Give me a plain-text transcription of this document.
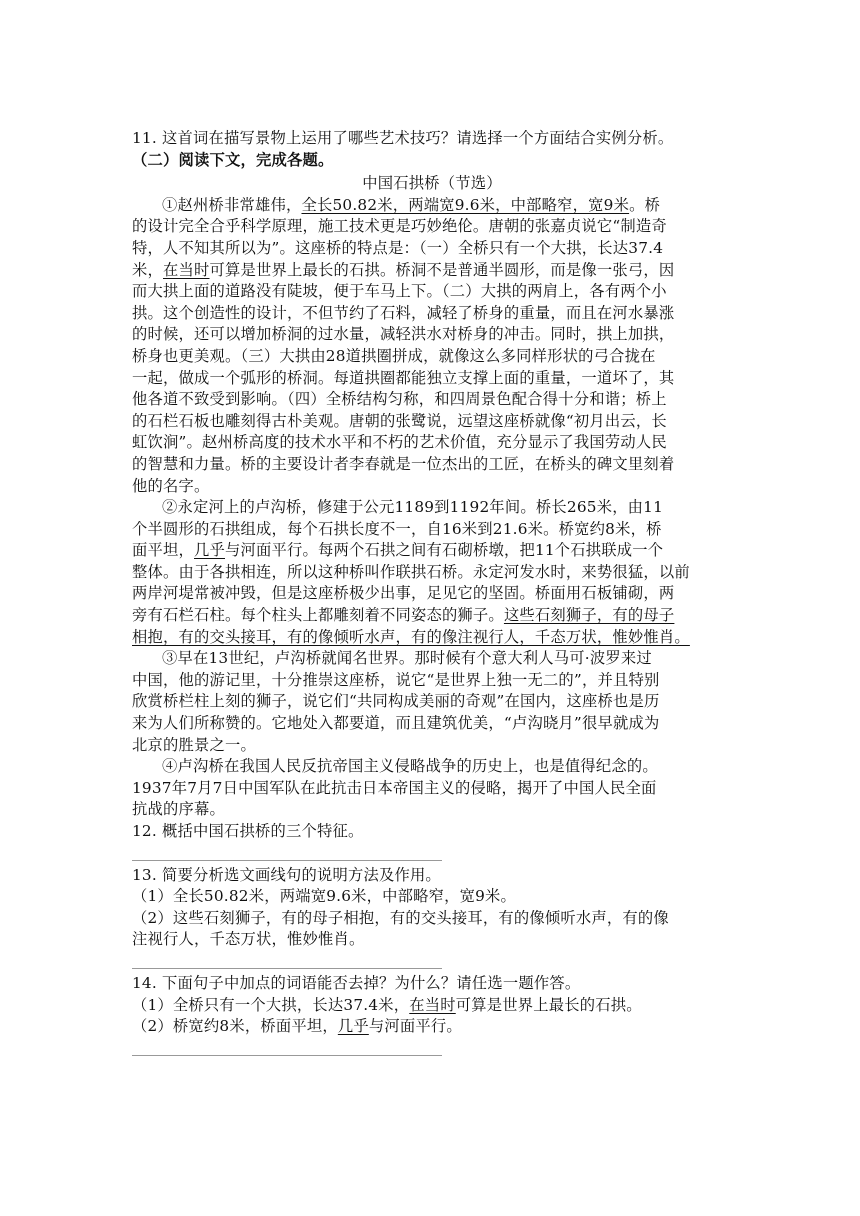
11. 这首词在描写景物上运用了哪些艺术技巧？请选择一个方面结合实例分析。
（二）阅读下文，完成各题。
中国石拱桥（节选）
①赵州桥非常雄伟，全长50.82米，两端宽9.6米，中部略窄，宽9米。桥
的设计完全合乎科学原理，施工技术更是巧妙绝伦。唐朝的张嘉贞说它“制造奇
特，人不知其所以为”。这座桥的特点是：（一）全桥只有一个大拱，长达37.4
米，在当时可算是世界上最长的石拱。桥洞不是普通半圆形，而是像一张弓，因
而大拱上面的道路没有陡坡，便于车马上下。（二）大拱的两肩上，各有两个小
拱。这个创造性的设计，不但节约了石料，减轻了桥身的重量，而且在河水暴涨
的时候，还可以增加桥洞的过水量，减轻洪水对桥身的冲击。同时，拱上加拱，
桥身也更美观。（三）大拱由28道拱圈拼成，就像这么多同样形状的弓合拢在
一起，做成一个弧形的桥洞。每道拱圈都能独立支撑上面的重量，一道坏了，其
他各道不致受到影响。（四）全桥结构匀称，和四周景色配合得十分和谐；桥上
的石栏石板也雕刻得古朴美观。唐朝的张鹭说，远望这座桥就像“初月出云，长
虹饮涧”。赵州桥高度的技术水平和不朽的艺术价值，充分显示了我国劳动人民
的智慧和力量。桥的主要设计者李春就是一位杰出的工匠，在桥头的碑文里刻着
他的名字。
②永定河上的卢沟桥，修建于公元1189到1192年间。桥长265米，由11
个半圆形的石拱组成，每个石拱长度不一，自16米到21.6米。桥宽约8米，桥
面平坦，几乎与河面平行。每两个石拱之间有石砌桥墩，把11个石拱联成一个
整体。由于各拱相连，所以这种桥叫作联拱石桥。永定河发水时，来势很猛，以前
两岸河堤常被冲毁，但是这座桥极少出事，足见它的坚固。桥面用石板铺砌，两
旁有石栏石柱。每个柱头上都雕刻着不同姿态的狮子。这些石刻狮子，有的母子
相抱，有的交头接耳，有的像倾听水声，有的像注视行人，千态万状，惟妙惟肖。
③早在13世纪，卢沟桥就闻名世界。那时候有个意大利人马可·波罗来过
中国，他的游记里，十分推崇这座桥，说它“是世界上独一无二的”，并且特别
欣赏桥栏柱上刻的狮子，说它们“共同构成美丽的奇观”在国内，这座桥也是历
来为人们所称赞的。它地处入都要道，而且建筑优美，“卢沟晓月”很早就成为
北京的胜景之一。
④卢沟桥在我国人民反抗帝国主义侵略战争的历史上，也是值得纪念的。
1937年7月7日中国军队在此抗击日本帝国主义的侵略，揭开了中国人民全面
抗战的序幕。
12. 概括中国石拱桥的三个特征。
13. 简要分析选文画线句的说明方法及作用。
（1）全长50.82米，两端宽9.6米，中部略窄，宽9米。
（2）这些石刻狮子，有的母子相抱，有的交头接耳，有的像倾听水声，有的像
注视行人，千态万状，惟妙惟肖。
14. 下面句子中加点的词语能否去掉？为什么？请任选一题作答。
（1）全桥只有一个大拱，长达37.4米，在当时可算是世界上最长的石拱。
（2）桥宽约8米，桥面平坦，几乎与河面平行。
